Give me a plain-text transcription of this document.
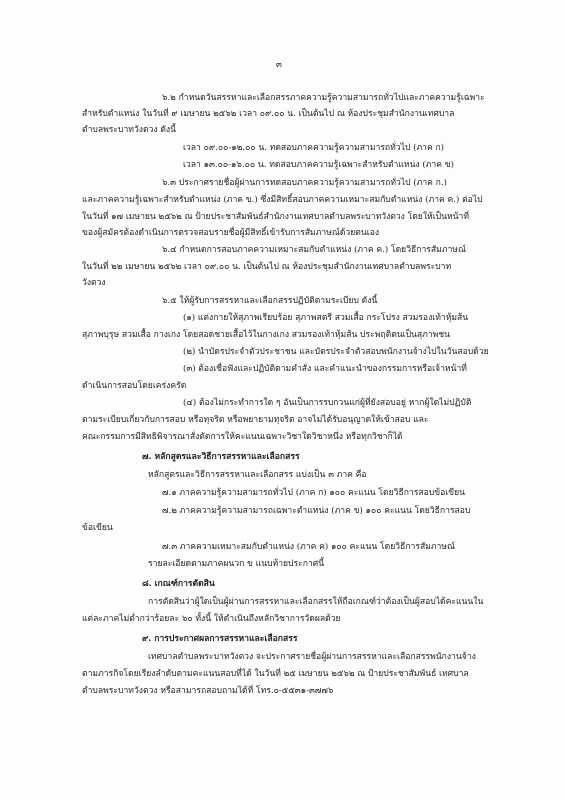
๓
๖.๒ กำหนดวันสรรหาและเลือกสรรภาคความรู้ความสามารถทั่วไปและภาคความรู้เฉพาะ
สำหรับตำแหน่ง ในวันที่ ๙ เมษายน ๒๕๖๒ เวลา ๐๙.๐๐ น. เป็นต้นไป ณ ห้องประชุมสำนักงานเทศบาล
ตำบลพระบาทวังตวง ดังนี้
เวลา ๐๙.๐๐-๑๒.๐๐ น. ทดสอบภาคความรู้ความสามารถทั่วไป (ภาค ก)
เวลา ๑๓.๐๐-๑๖.๐๐ น. ทดสอบภาคความรู้เฉพาะสำหรับตำแหน่ง (ภาค ข)
๖.๓ ประกาศรายชื่อผู้ผ่านการทดสอบภาคความรู้ความสามารถทั่วไป (ภาค ก.)
และภาคความรู้เฉพาะสำหรับตำแหน่ง (ภาค ข.) ซึ่งมีสิทธิ์สอบภาคความเหมาะสมกับตำแหน่ง (ภาค ค.) ต่อไป
ในวันที่ ๑๗ เมษายน ๒๕๖๒ ณ ป้ายประชาสัมพันธ์สำนักงานเทศบาลตำบลพระบาทวังตวง โดยให้เป็นหน้าที่
ของผู้สมัครต้องดำเนินการตรวจสอบรายชื่อผู้มีสิทธิ์เข้ารับการสัมภาษณ์ด้วยตนเอง
๖.๔ กำหนดการสอบภาคความเหมาะสมกับตำแหน่ง (ภาค ค.) โดยวิธีการสัมภาษณ์
ในวันที่ ๒๒ เมษายน ๒๕๖๒ เวลา ๐๙.๐๐ น. เป็นต้นไป ณ ห้องประชุมสำนักงานเทศบาลตำบลพระบาท
วังตวง
๖.๕ ให้ผู้รับการสรรหาและเลือกสรรปฏิบัติตามระเบียบ ดังนี้
(๑) แต่งกายให้สุภาพเรียบร้อย สุภาพสตรี สวมเสื้อ กระโปรง สวมรองเท้าหุ้มส้น
สุภาพบุรุษ สวมเสื้อ กางเกง โดยสอดชายเสื้อไว้ในกางเกง สวมรองเท้าหุ้มส้น ประพฤติตนเป็นสุภาพชน
(๒) นำบัตรประจำตัวประชาชน และบัตรประจำตัวสอบพนักงานจ้างไปในวันสอบด้วย
(๓) ต้องเชื่อฟังและปฏิบัติตามคำสั่ง และคำแนะนำของกรรมการหรือเจ้าหน้าที่
ดำเนินการสอบโดยเคร่งครัด
(๔) ต้องไม่กระทำการใด ๆ อันเป็นการรบกวนแก่ผู้ที่ยังสอบอยู่ หากผู้ใดไม่ปฏิบัติ
ตามระเบียบเกี่ยวกับการสอบ หรือทุจริต หรือพยายามทุจริต อาจไม่ได้รับอนุญาตให้เข้าสอบ และ
คณะกรรมการมีสิทธิพิจารณาสั่งตัดการให้คะแนนเฉพาะวิชาใดวิชาหนึ่ง หรือทุกวิชาก็ได้
๗. หลักสูตรและวิธีการสรรหาและเลือกสรร
หลักสูตรและวิธีการสรรหาและเลือกสรร แบ่งเป็น ๓ ภาค คือ
๗.๑ ภาคความรู้ความสามารถทั่วไป (ภาค ก) ๑๐๐ คะแนน โดยวิธีการสอบข้อเขียน
๗.๒ ภาคความรู้ความสามารถเฉพาะตำแหน่ง (ภาค ข) ๑๐๐ คะแนน โดยวิธีการสอบ
ข้อเขียน
๗.๓ ภาคความเหมาะสมกับตำแหน่ง (ภาค ค) ๑๐๐ คะแนน โดยวิธีการสัมภาษณ์
รายละเอียดตามภาคผนวก ข แนบท้ายประกาศนี้
๘. เกณฑ์การตัดสิน
การตัดสินว่าผู้ใดเป็นผู้ผ่านการสรรหาและเลือกสรรให้ถือเกณฑ์ว่าต้องเป็นผู้สอบได้คะแนนใน
แต่ละภาคไม่ต่ำกว่าร้อยละ ๖๐ ทั้งนี้ ให้ดำเนินถึงหลักวิชาการวัดผลด้วย
๙. การประกาศผลการสรรหาและเลือกสรร
เทศบาลตำบลพระบาทวังตวง จะประกาศรายชื่อผู้ผ่านการสรรหาและเลือกสรรพนักงานจ้าง
ตามภารกิจโดยเรียงลำดับตามคะแนนสอบที่ได้ ในวันที่ ๒๕ เมษายน ๒๕๖๒ ณ ป้ายประชาสัมพันธ์ เทศบาล
ตำบลพระบาทวังตวง หรือสามารถสอบถามได้ที่ โทร.๐-๕๕๓๑-๓๗๗๖
